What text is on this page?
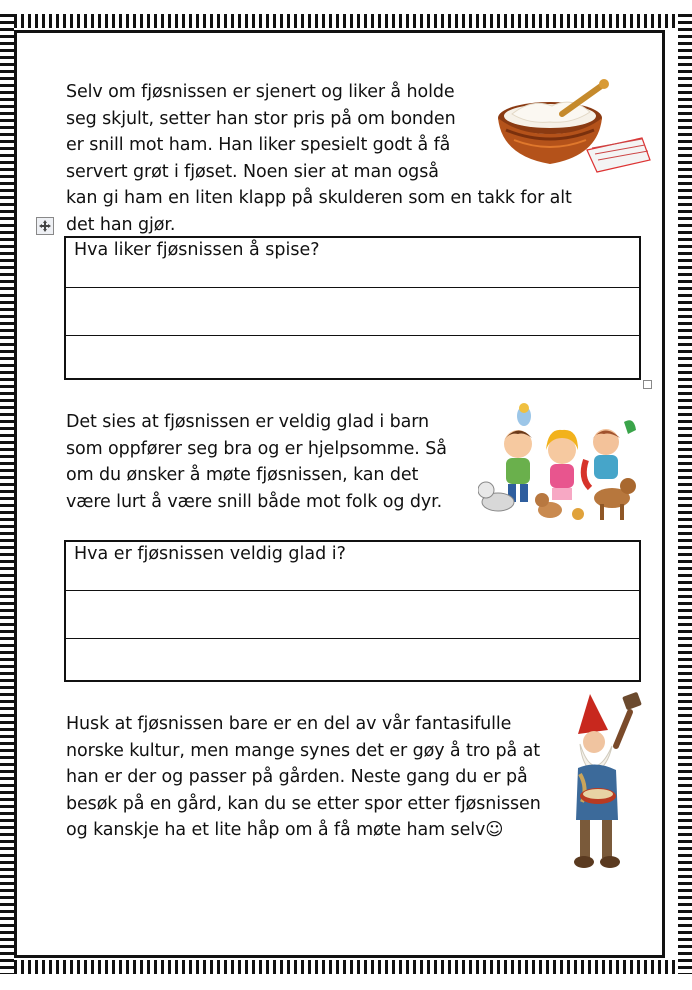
Selv om fjøsnissen er sjenert og liker å holde
seg skjult, setter han stor pris på om bonden
er snill mot ham. Han liker spesielt godt å få
servert grøt i fjøset. Noen sier at man også
kan gi ham en liten klapp på skulderen som en takk for alt
det han gjør.
Hva liker fjøsnissen å spise?
Det sies at fjøsnissen er veldig glad i barn
som oppfører seg bra og er hjelpsomme. Så
om du ønsker å møte fjøsnissen, kan det
være lurt å være snill både mot folk og dyr.
Hva er fjøsnissen veldig glad i?
Husk at fjøsnissen bare er en del av vår fantasifulle
norske kultur, men mange synes det er gøy å tro på at
han er der og passer på gården. Neste gang du er på
besøk på en gård, kan du se etter spor etter fjøsnissen
og kanskje ha et lite håp om å få møte ham selv☺
